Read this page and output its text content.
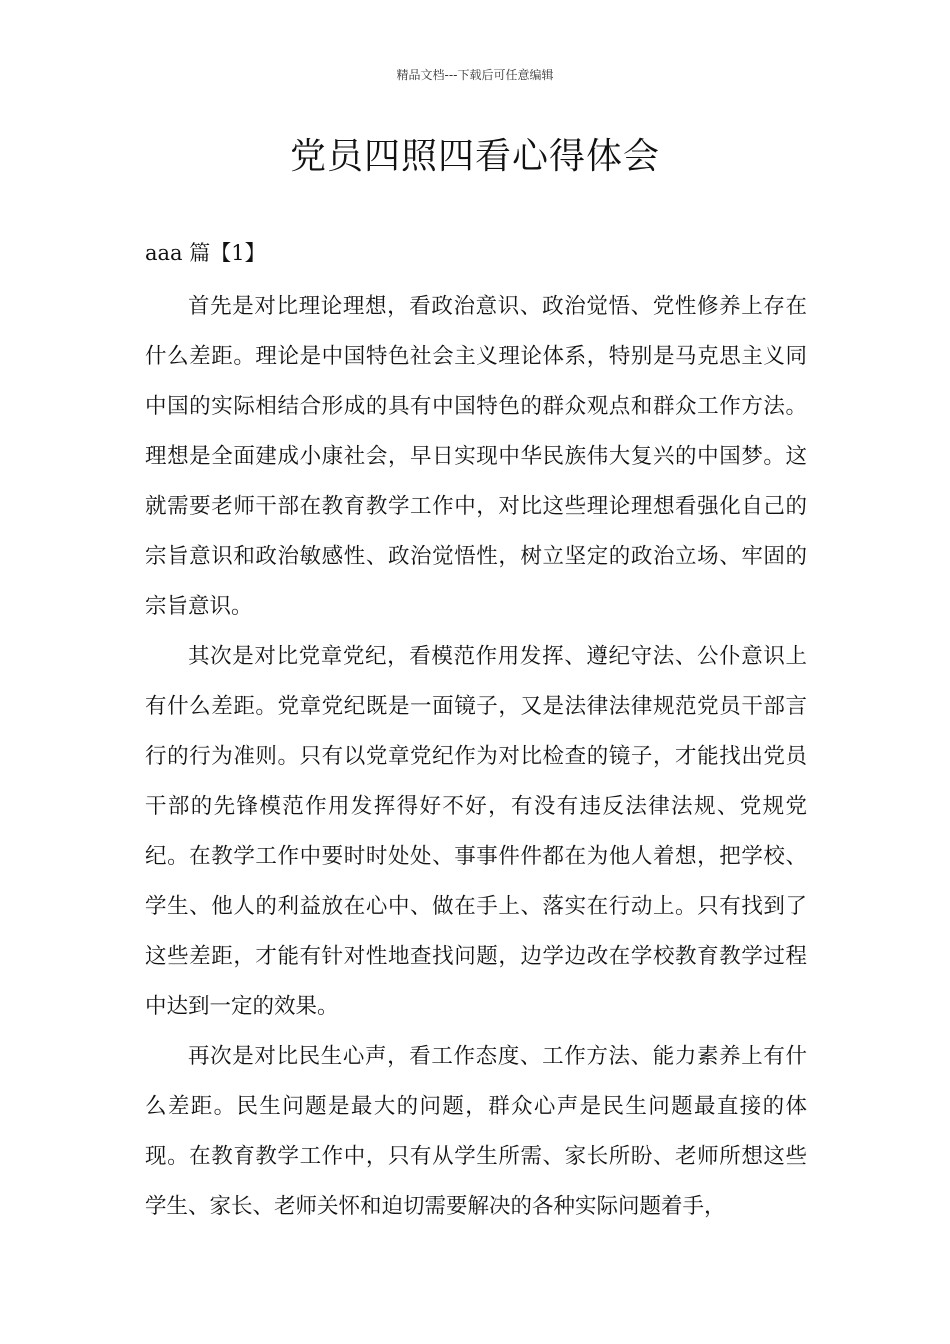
精品文档---下载后可任意编辑
党员四照四看心得体会
aaa 篇【1】

首先是对比理论理想，看政治意识、政治觉悟、党性修养上存在什么差距。理论是中国特色社会主义理论体系，特别是马克思主义同中国的实际相结合形成的具有中国特色的群众观点和群众工作方法。理想是全面建成小康社会，早日实现中华民族伟大复兴的中国梦。这就需要老师干部在教育教学工作中，对比这些理论理想看强化自己的宗旨意识和政治敏感性、政治觉悟性，树立坚定的政治立场、牢固的宗旨意识。

其次是对比党章党纪，看模范作用发挥、遵纪守法、公仆意识上有什么差距。党章党纪既是一面镜子，又是法律法律规范党员干部言行的行为准则。只有以党章党纪作为对比检查的镜子，才能找出党员干部的先锋模范作用发挥得好不好，有没有违反法律法规、党规党纪。在教学工作中要时时处处、事事件件都在为他人着想，把学校、学生、他人的利益放在心中、做在手上、落实在行动上。只有找到了这些差距，才能有针对性地查找问题，边学边改在学校教育教学过程中达到一定的效果。

再次是对比民生心声，看工作态度、工作方法、能力素养上有什么差距。民生问题是最大的问题，群众心声是民生问题最直接的体现。在教育教学工作中，只有从学生所需、家长所盼、老师所想这些学生、家长、老师关怀和迫切需要解决的各种实际问题着手，
